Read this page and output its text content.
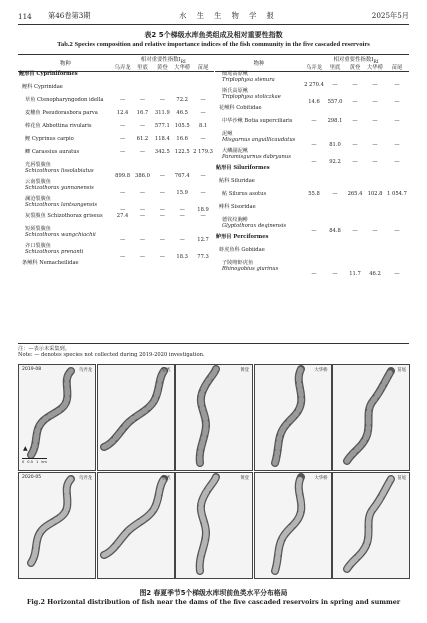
114	第46卷第3期	水 生 生 物 学 报	2025年5月
表2 5个梯级水库鱼类组成及相对重要性指数
Tab.2 Species composition and relative importance indices of the fish community in the five cascaded reservoirs
物种	相对重要性指数$I_{RI}$
	乌弄龙	里底	黄登	大华桥	苗尾
鲤形目 Cypriniformes					
鲤科 Cyprinidae					
草鱼 Ctenopharyngodon idella	—	—	—	72.2	—
麦穗鱼 Pseudorasbora parva	12.4	16.7	311.9	46.5	—
棒花鱼 Abbottina rivularis	—	—	577.1	105.5	8.1
鲤 Cyprinus carpio	—	61.2	118.4	16.6	—
鲫 Carassius auratus	—	—	342.5	122.5	2 179.3
光唇裂腹鱼
Schizothorax lissolabiatus	899.8	386.0	—	767.4	—
云南裂腹鱼
Schizothorax yunnanensis	—	—	—	15.9	—
澜沧裂腹鱼
Schizothorax lantsangensis	—	—	—	—	18.9
灰裂腹鱼 Schizothorax griseus	27.4	—	—	—	—
短须裂腹鱼
Schizothorax wangchiachii	—	—	—	—	12.7
齐口裂腹鱼
Schizothorax prenanti	—	—	—	18.3	77.3
条鳅科 Nemacheilidae					
物种	相对重要性指数$I_{RI}$
	乌弄龙	里底	黄登	大华桥	苗尾
细尾高原鳅
Triplophysa stenura	2 270.4	—	—	—	—
斯氏高原鳅
Triplophysa stoliczkae	14.6	557.0	—	—	—
花鳅科 Cobitidae					
中华沙鳅 Botia superciliaris	—	298.1	—	—	—
泥鳅
Misgurnus anguillicaudatus	—	81.0	—	—	—
大鳞副泥鳅
Paramisgurnus dabryanus	—	92.2	—	—	—
鲇形目 Siluriformes					
鲇科 Siluridae					
鲇 Silurus asotus	55.8	—	265.4	102.8	1 054.7
鲱科 Sisoridae					
德钦纹胸鲱
Glyptothorax deqinensis	—	84.8	—	—	—
鲈形目 Perciformes					
虾虎鱼科 Gobiidae					
子陵吻虾虎鱼
Rhinogobius giurinus	—	—	11.7	46.2	—
注：—表示未采集到。
Note: — denotes species not collected during 2019-2020 investigation.
2019-08	乌弄龙
0 0.5 1 km
▲
里底	黄登	大华桥	苗尾
2020-05	乌弄龙	里底	黄登	大华桥	苗尾
图2 春夏季节5个梯级水库坝前鱼类水平分布格局
Fig.2 Horizontal distribution of fish near the dams of the five cascaded reservoirs in spring and summer
